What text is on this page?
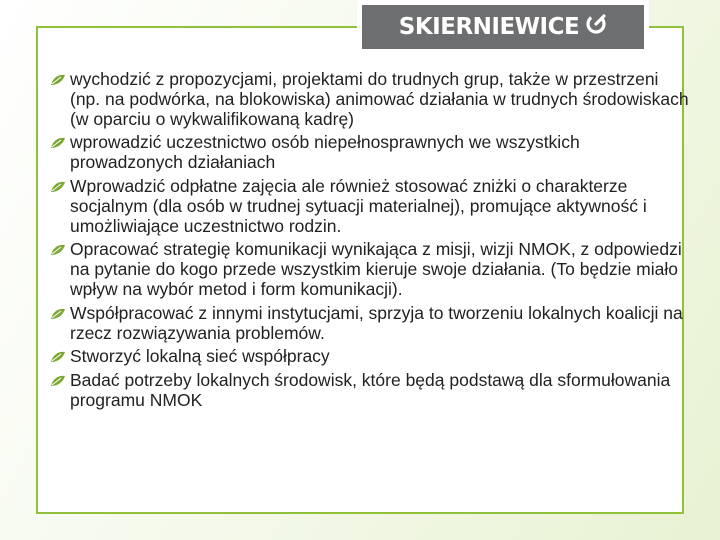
SKIERNIEWICE
wychodzić z propozycjami, projektami do trudnych grup, także w przestrzeni (np. na podwórka, na blokowiska) animować działania w trudnych środowiskach (w oparciu o wykwalifikowaną kadrę)
wprowadzić uczestnictwo osób niepełnosprawnych we wszystkich prowadzonych działaniach
Wprowadzić odpłatne zajęcia ale również stosować zniżki o charakterze socjalnym (dla osób w trudnej sytuacji materialnej), promujące aktywność i umożliwiające uczestnictwo rodzin.
Opracować strategię komunikacji wynikająca z misji, wizji NMOK, z odpowiedzi na pytanie do kogo przede wszystkim kieruje swoje działania. (To będzie miało wpływ na wybór metod i form komunikacji).
Współpracować z innymi instytucjami, sprzyja to tworzeniu lokalnych koalicji na rzecz rozwiązywania problemów.
Stworzyć lokalną sieć współpracy
Badać potrzeby lokalnych środowisk, które będą podstawą dla sformułowania programu NMOK
